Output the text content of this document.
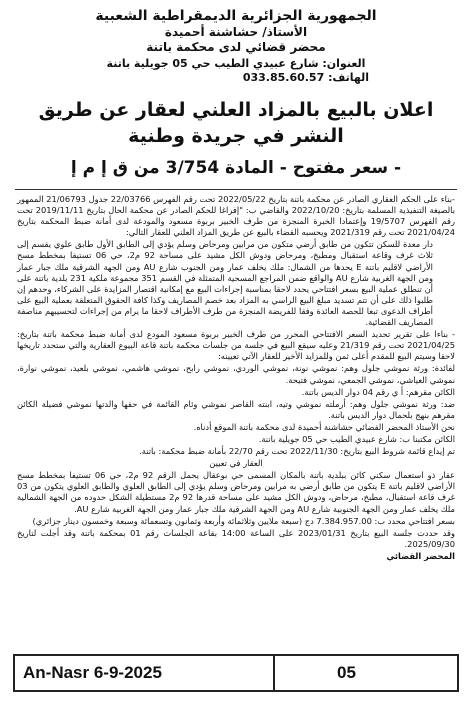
الجمهورية الجزائرية الديمقراطية الشعبية
الأستاذ/ حشاشنة أحميدة
محضر قضائي لدى محكمة باتنة
العنوان: شارع عبيدي الطيب حي 05 جويلية باتنة
الهاتف: 033.85.60.57
اعلان بالبيع بالمزاد العلني لعقار عن طريق النشر في جريدة وطنية
- سعر مفتوح - المادة 3/754 من ق إ م إ

-بناء على الحكم العقاري الصادر عن محكمة باتنة بتاريخ 2022/05/22 تحت رقم الفهرس 22/03766 جدول 21/06793 الممهور بالصيغة التنفيذية المسلمة بتاريخ: 2022/10/20 والقاضي ب: "إفراغا للحكم الصادر عن محكمة الحال بتاريخ 2019/11/11 تحت رقم الفهرس 19/5707 وإعتمادا الخبرة المنجزة من طرف الخبير بربوة مسعود والمودعة لدى أمانة ضبط المحكمة بتاريخ 2021/04/24 تحت رقم 2021/319 ويحسبه القضاء بالبيع عن طريق المزاد العلني للعقار التالي:

دار معدة للسكن تتكون من طابق أرضي متكون من مرابين ومرحاض وسلم يؤدي إلى الطابق الأول طابق علوي يقسم إلى ثلاث غرف وقاعة استقبال ومطبخ، ومرحاض ودوش الكل مشيد على مساحة 92 م2، حي 06 تستيفا بمخطط مسح الأراضي لاقليم باتنة E يحدها من الشمال: ملك يخلف عمار ومن الجنوب شارع AU ومن الجهة الشرقية ملك جبار عمار ومن الجهة الغربية شارع AU والواقع ضمن المراجع المسحية المتمثلة في القسم 351 مجموعة ملكية 231 بلدية باتنة على أن تنطلق عملية البيع بسعر افتتاحي يحدد لاحقا بمناسبة إجراءات البيع مع إمكانية اقتصار المزايدة على الشركاء، وحدهم إن طلبوا ذلك على أن تتم تسديد مبلغ البيع الراسي به المزاد بعد خصم المصاريف وكذا كافة الحقوق المتعلقة بعملية البيع على أطراف الدعوى تبعا للحصة العائدة وفقا للفريضة المنجزة من طرف الأطراف لاحقا ما يرام من إجراءات لتحسيبهم مناصفة المصاريف القضائية.

- بناءا على تقرير تحديد السعر الافتتاحي المحرر من طرف الخبير بربوة مسعود المودع لدى أمانة ضبط محكمة باتنة بتاريخ: 2021/04/25 تحت رقم 21/319 وعليه سيقع البيع في جلسة من جلسات محكمة باتنة قاعة البيوع العقارية والتي ستحدد تاريخها لاحقا وسيتم البيع للمقدم أعلى ثمن وللمزايد الأخير للعقار الآتي تعيينه:

لفائدة: ورثة نموشي جلول وهم: نموشي نونة، نموشي الوردي، نموشي رابح، نموشي هاشمي، نموشي بلعيد، نموشي نوارة، نموشي العياشي، نموشي الجمعي، نموشي فتيحة.

الكائن مقرهم: أ ي رقم 04 دوار الديس باتنة.

ضد: ورثة نموشي جلول وهم: أرملته نموشي وتيه، ابنته القاصر نموشي وئام القائمة في حقها والدتها نموشي فضيلة الكائن مقرهم بنهج بلحمال دوار الديس باتنة.

نحن الأستاذ المحضر القضائي حشاشنة أحميدة لدى محكمة باتنة الموقع أدناه.

الكائن مكتبنا ب: شارع عبيدي الطيب حي 05 جويلية باتنة.

تم إيداع قائمة شروط البيع بتاريخ: 2022/11/30 تحت رقم 22/70 بأمانة ضبط محكمة: باتنة.

العقار في تعيين

عقار ذو استعمال سكني كائن ببلدية باتنة بالمكان المسمى حي بوعقال يحمل الرقم 92 م2، حي 06 تستيفا بمخطط مسح الأراضي لاقليم باتنة E يتكون من طابق أرضي به مرابين ومرحاض وسلم يؤدي إلى الطابق العلوي والطابق العلوي يتكون من 03 غرف قاعة استقبال، مطبخ، مرحاض، ودوش الكل مشيد على مساحة قدرها 92 م2 مستطيلة الشكل حدوده من الجهة الشمالية ملك يخلف عمار ومن الجهة الجنوبية شارع AU ومن الجهة الشرقية ملك جبار عمار ومن الجهة الغربية شارع AU.

بسعر افتتاحي محدد ب: 7.384.957.00 دج (سبعة ملايين وثلاثمائة وأربعة وثمانون وتسعمائة وسبعة وخمسون دينار جزائري)

وقد حددت جلسة البيع بتاريخ 2023/01/31 على الساعة 14:00 بقاعة الجلسات رقم 01 بمحكمة باتنة وقد أجلت لتاريخ 2025/09/30.

المحضر القضائي

An-Nasr 6-9-2025	05
